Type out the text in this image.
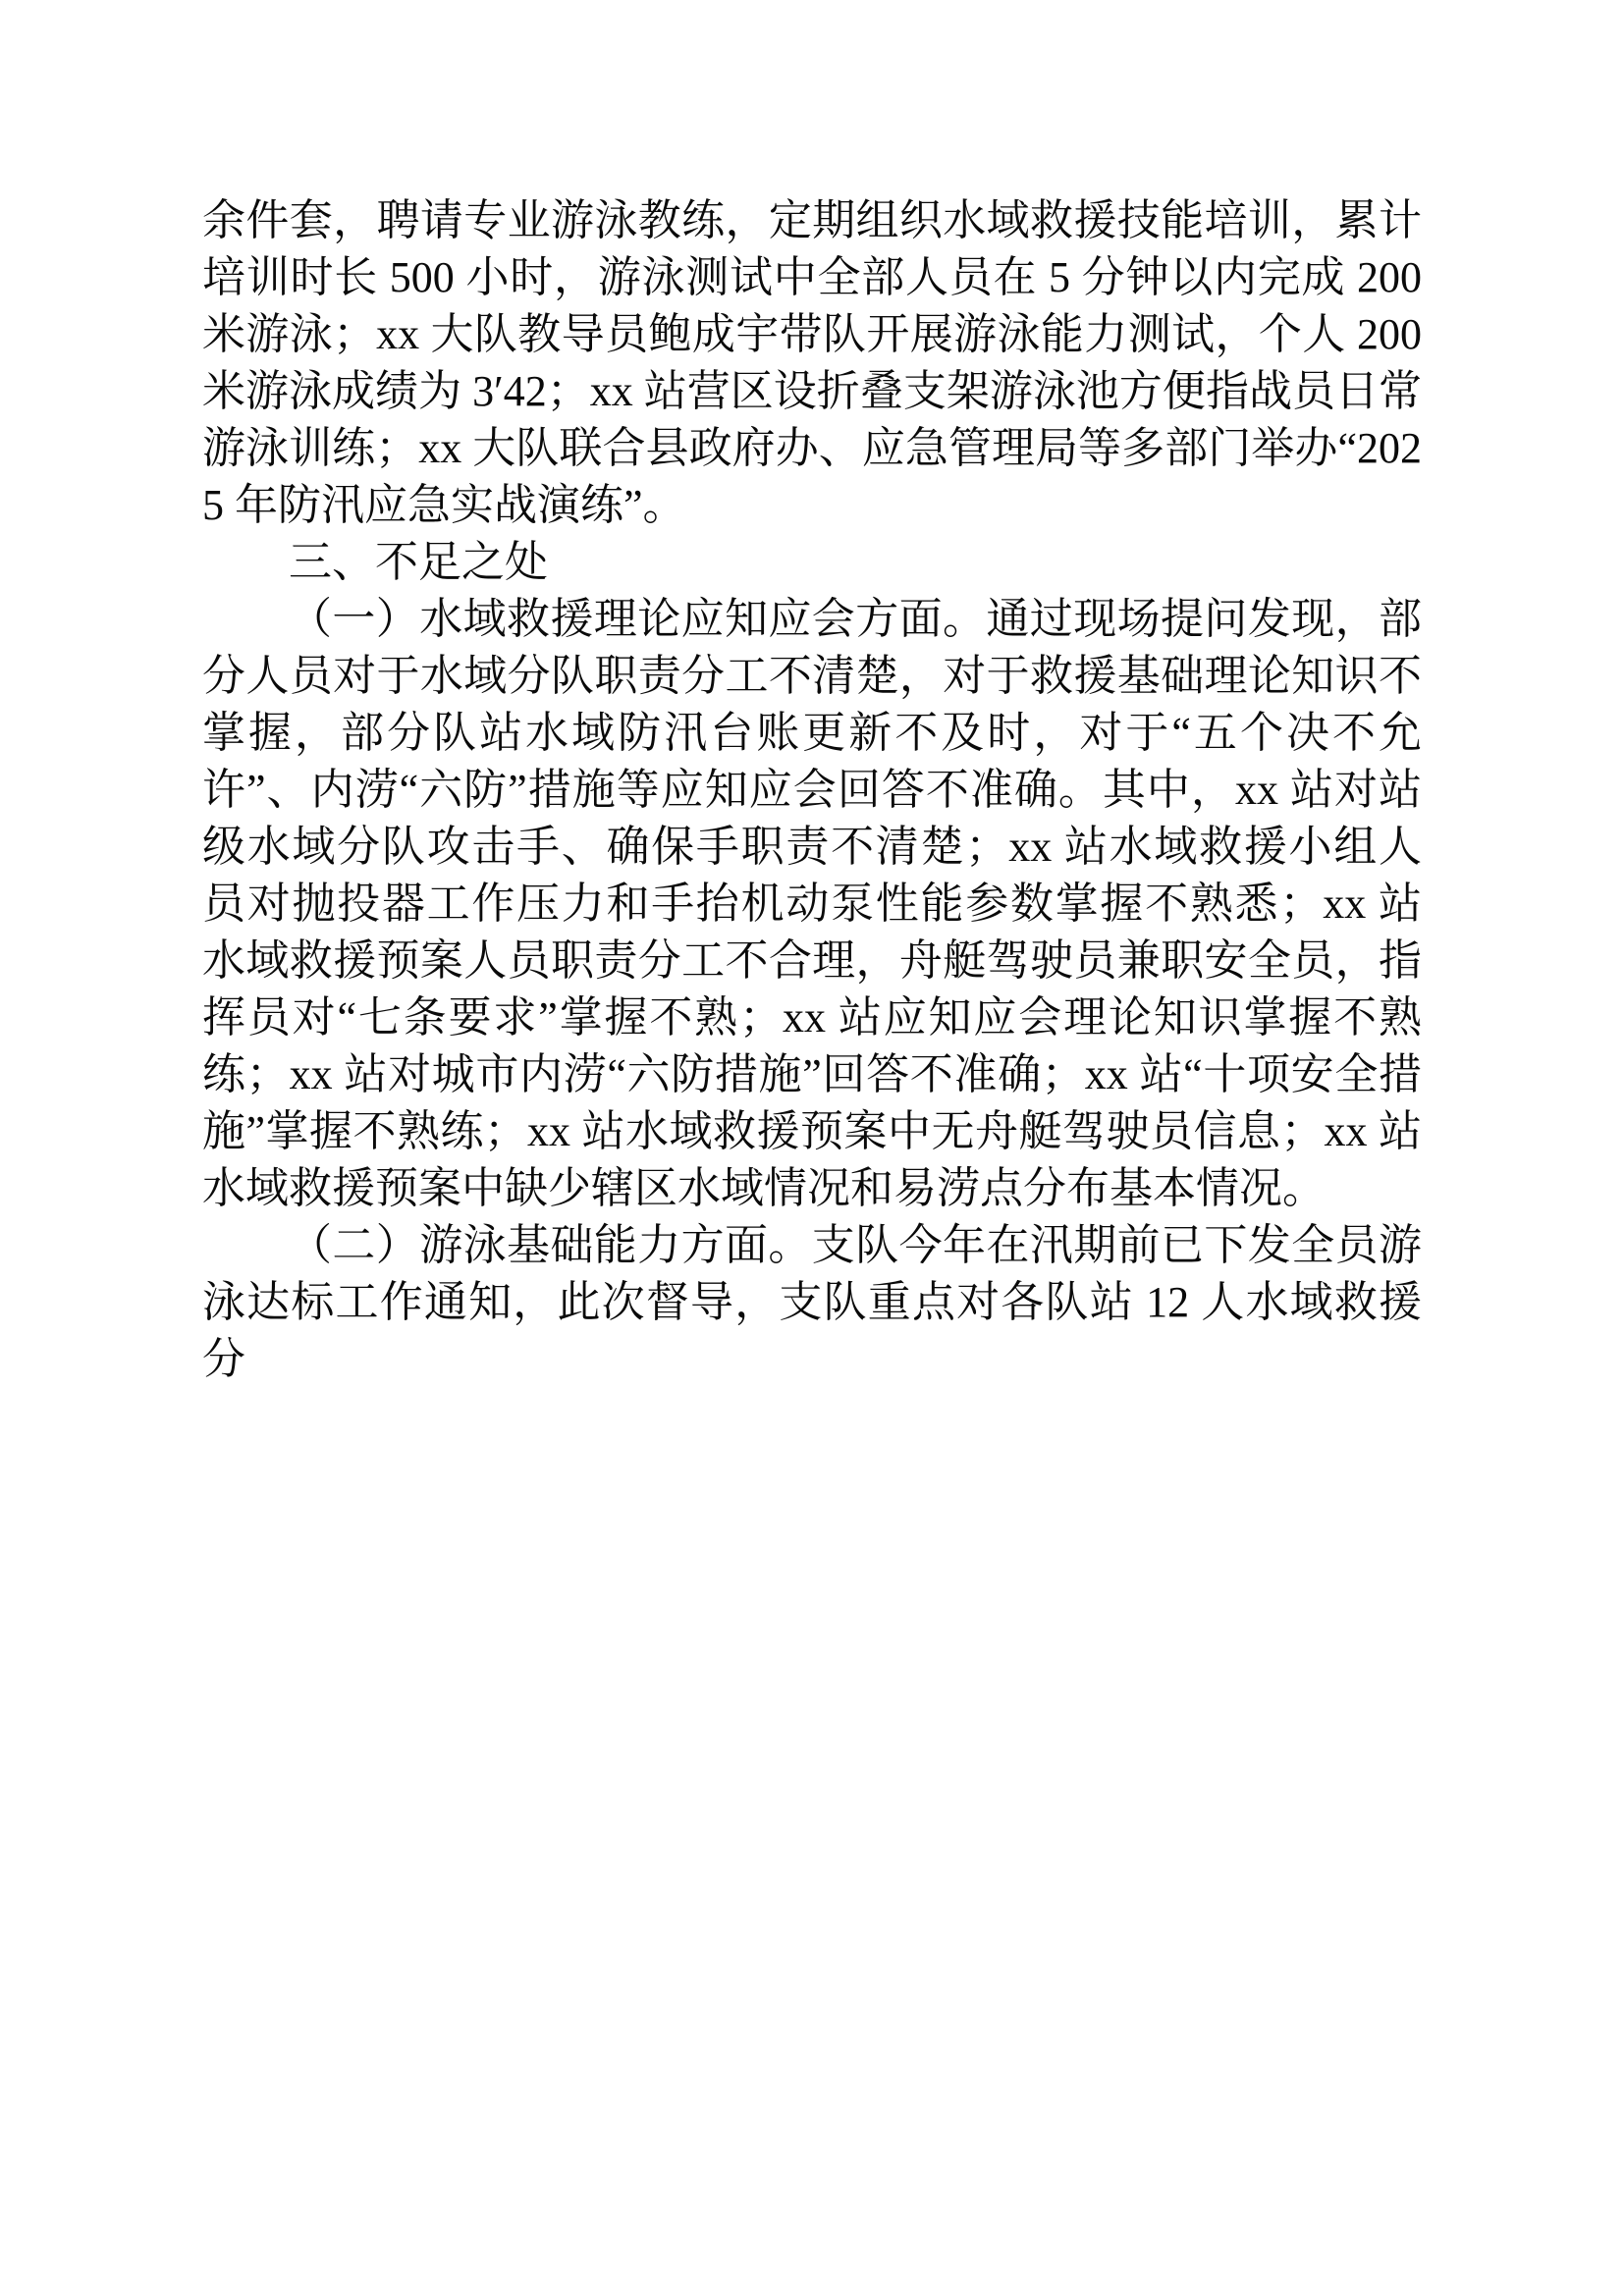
余件套，聘请专业游泳教练，定期组织水域救援技能培训，累计培训时长 500 小时，游泳测试中全部人员在 5 分钟以内完成 200 米游泳；xx 大队教导员鲍成宇带队开展游泳能力测试，个人 200 米游泳成绩为 3′42；xx 站营区设折叠支架游泳池方便指战员日常游泳训练；xx 大队联合县政府办、应急管理局等多部门举办“2025 年防汛应急实战演练”。

三、不足之处

（一）水域救援理论应知应会方面。通过现场提问发现，部分人员对于水域分队职责分工不清楚，对于救援基础理论知识不掌握，部分队站水域防汛台账更新不及时，对于“五个决不允许”、内涝“六防”措施等应知应会回答不准确。其中，xx 站对站级水域分队攻击手、确保手职责不清楚；xx 站水域救援小组人员对抛投器工作压力和手抬机动泵性能参数掌握不熟悉；xx 站水域救援预案人员职责分工不合理，舟艇驾驶员兼职安全员，指挥员对“七条要求”掌握不熟；xx 站应知应会理论知识掌握不熟练；xx 站对城市内涝“六防措施”回答不准确；xx 站“十项安全措施”掌握不熟练；xx 站水域救援预案中无舟艇驾驶员信息；xx 站水域救援预案中缺少辖区水域情况和易涝点分布基本情况。

（二）游泳基础能力方面。支队今年在汛期前已下发全员游泳达标工作通知，此次督导，支队重点对各队站 12 人水域救援分
